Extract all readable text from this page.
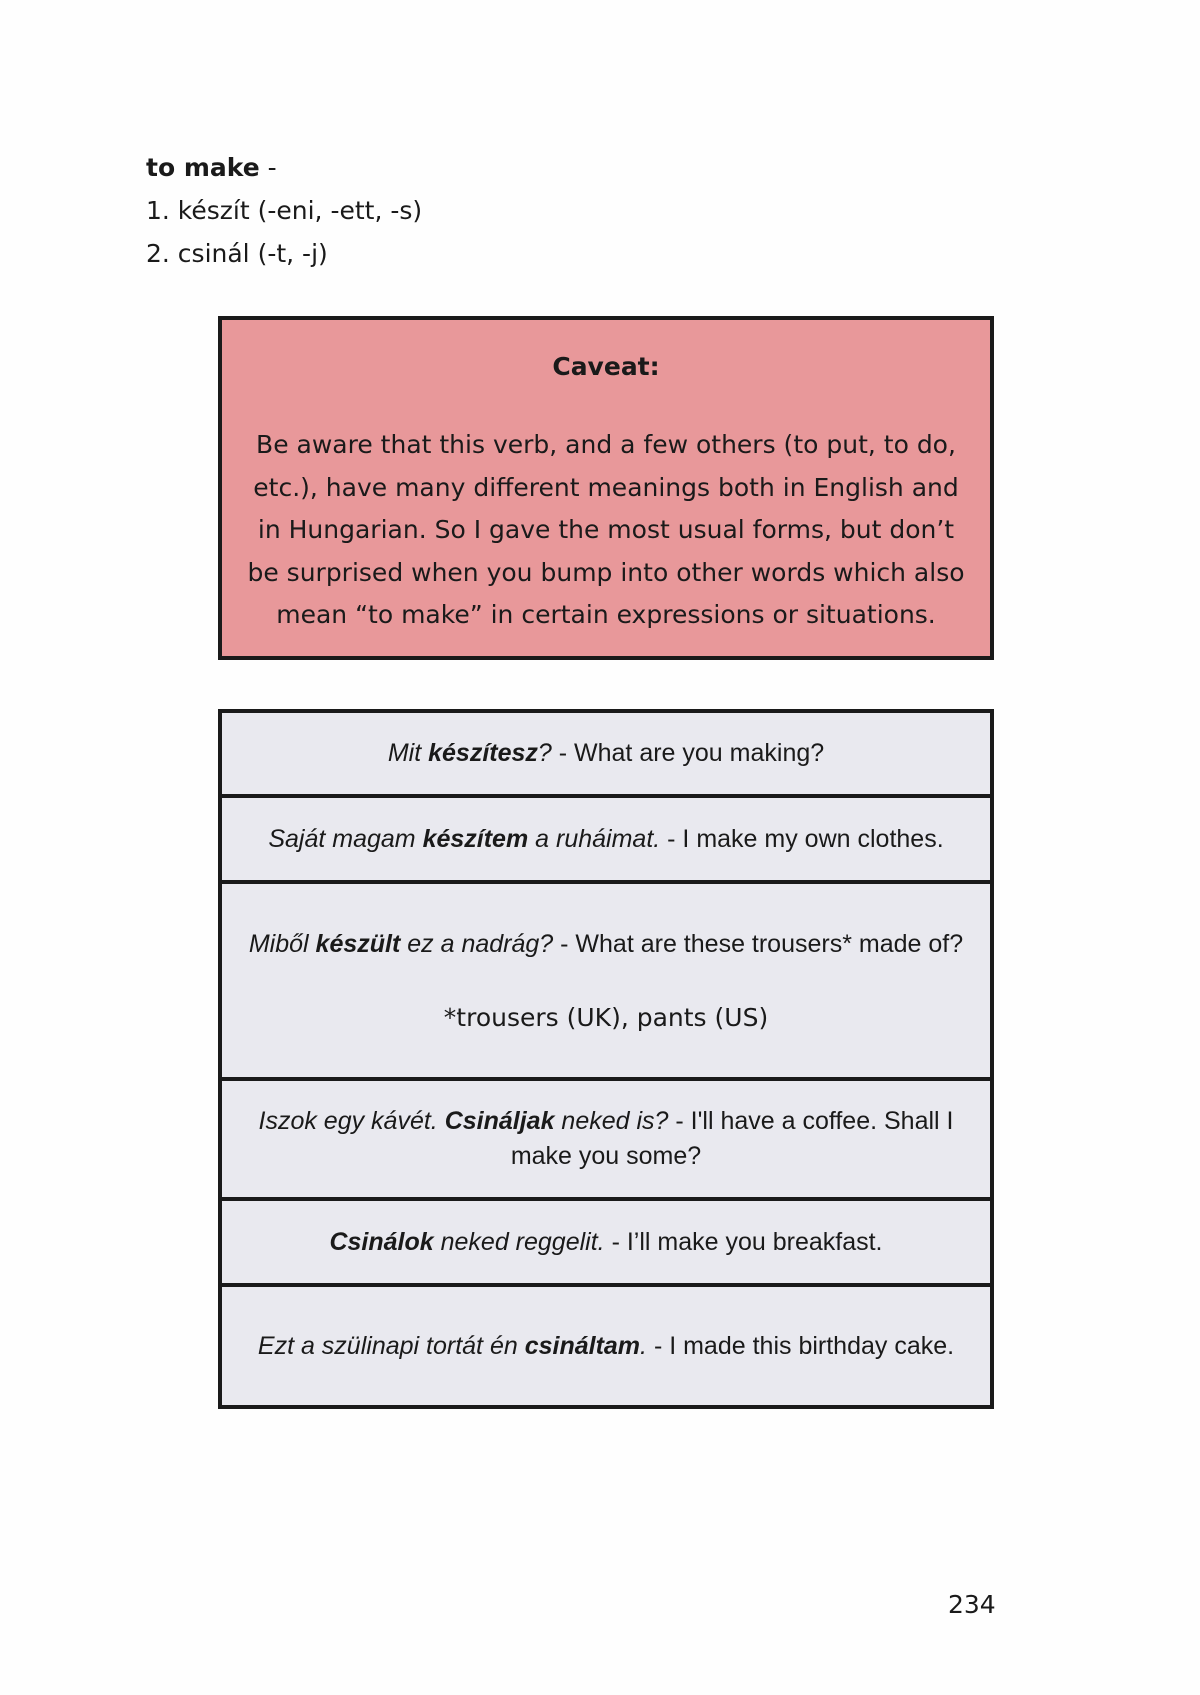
to make -
1. készít (-eni, -ett, -s)
2. csinál (-t, -j)
Caveat:
Be aware that this verb, and a few others (to put, to do, etc.), have many different meanings both in English and in Hungarian. So I gave the most usual forms, but don’t be surprised when you bump into other words which also mean “to make” in certain expressions or situations.

Mit készítesz? - What are you making?

Saját magam készítem a ruháimat. - I make my own clothes.

Miből készült ez a nadrág? - What are these trousers* made of?

*trousers (UK), pants (US)

Iszok egy kávét. Csináljak neked is? - I'll have a coffee. Shall I make you some?

Csinálok neked reggelit. - I’ll make you breakfast.

Ezt a szülinapi tortát én csináltam. - I made this birthday cake.

234
